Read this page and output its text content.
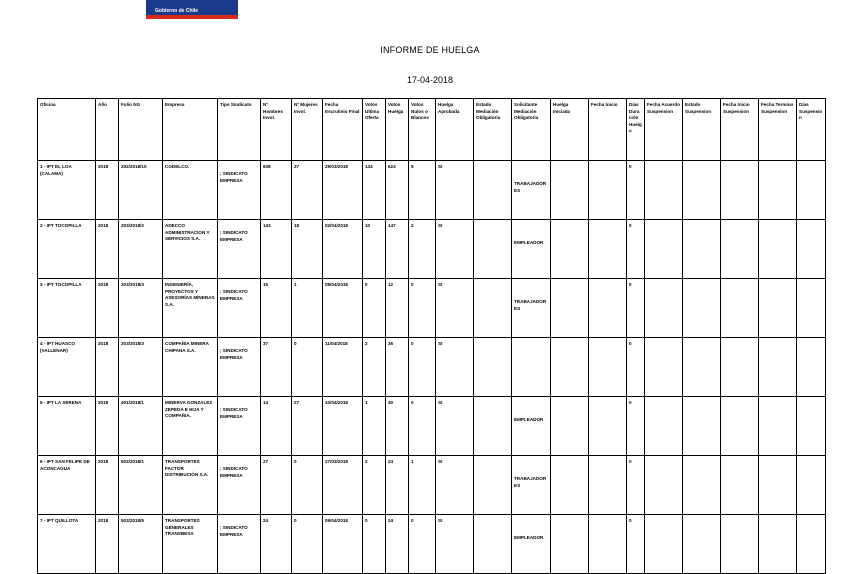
Gobierno de Chile
INFORME DE HUELGA
17-04-2018
Oficina	Año	Folio NG	Empresa	Tipo Sindicato	Nº Hombres Invol.	Nº Mujeres Invol.	Fecha Escrutinio Final	Votos Ultima Oferta	Votos Huelga	Votos Nulos o Blancos	Huelga Aprobada	Estado Mediación Obligatoria	Solicitante Mediación Obligatoria	Huelga Iniciada	Fecha Inicio	Días Duración Huelga	Fecha Acuerdo Suspension	Estado Suspension	Fecha Inicio Suspension	Fecha Termino Suspension	Días Suspension
1 - IPT EL LOA (CALAMA)	2018	202/2018/10	CODELCO.	; SINDICATO EMPRESA	838	27	29/03/2018	134	624	5	SI		TRABAJADORES			0					
2 - IPT TOCOPILLA	2018	203/2018/2	ADECCO ADMINISTRACION Y SERVICIOS S.A.	; SINDICATO EMPRESA	143	18	02/04/2018	10	147	2	SI		EMPLEADOR			0					
3 - IPT TOCOPILLA	2018	203/2018/3	INGENIERÍA, PROYECTOS Y ASESORÍAS MINERAS S.A.	; SINDICATO EMPRESA	15	1	09/04/2018	0	12	0	SI		TRABAJADORES			0					
4 - IPT HUASCO (VALLENAR)	2018	303/2018/3	COMPAÑIA MINERA CHIPANA S.A.	; SINDICATO EMPRESA	37	0	11/04/2018	2	35	0	SI					0					
5 - IPT LA SERENA	2018	401/2018/1	MINERVA GONZALEZ ZEPEDA E HIJA Y COMPAÑIA.	; SINDICATO EMPRESA	14	27	10/04/2018	1	40	0	SI		EMPLEADOR			0					
6 - IPT SAN FELIPE DE ACONCAGUA	2018	502/2018/1	TRANSPORTES FACTOR DISTRIBUCIÓN S.A.	; SINDICATO EMPRESA	27	0	27/03/2018	2	24	1	SI		TRABAJADORES			0					
7 - IPT QUILLOTA	2018	503/2018/5	TRANSPORTES GENERALES TRANSBESA	; SINDICATO EMPRESA	24	0	09/04/2018	0	24	0	SI		EMPLEADOR			0					
